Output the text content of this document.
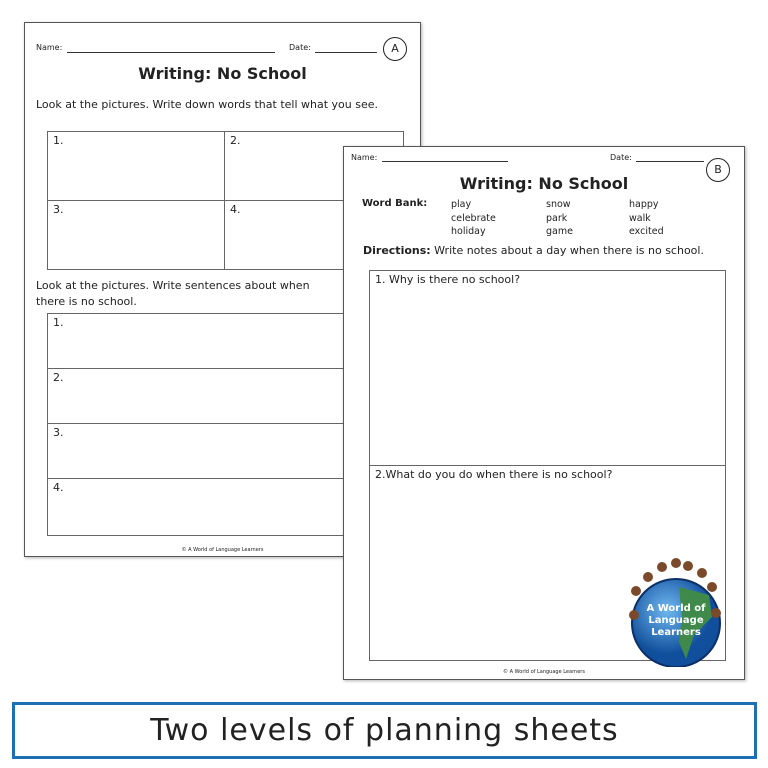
Name:	Date:	A
Writing: No School
Look at the pictures. Write down words that tell what you see.
1.	2.
3.	4.
Look at the pictures. Write sentences about when there is no school.
1.
2.
3.
4.
© A World of Language Learners
Name:	Date:
B
Writing: No School
Word Bank: play	snow	happy
celebrate	park	walk
holiday	game	excited
Directions: Write notes about a day when there is no school.
1. Why is there no school?
2.What do you do when there is no school?
A World of
Language
Learners
© A World of Language Learners
Two levels of planning sheets
